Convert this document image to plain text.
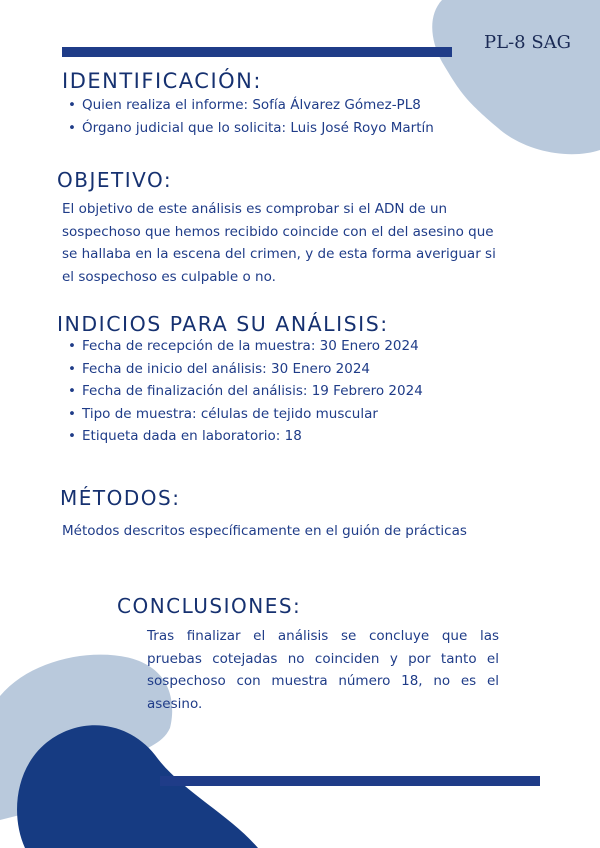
PL-8 SAG
IDENTIFICACIÓN:
• Quien realiza el informe: Sofía Álvarez Gómez-PL8
• Órgano judicial que lo solicita: Luis José Royo Martín
OBJETIVO:

El objetivo de este análisis es comprobar si el ADN de un sospechoso que hemos recibido coincide con el del asesino que se hallaba en la escena del crimen, y de esta forma averiguar si el sospechoso es culpable o no.

INDICIOS PARA SU ANÁLISIS:
• Fecha de recepción de la muestra: 30 Enero 2024
• Fecha de inicio del análisis: 30 Enero 2024
• Fecha de finalización del análisis: 19 Febrero 2024
• Tipo de muestra: células de tejido muscular
• Etiqueta dada en laboratorio: 18
MÉTODOS:

Métodos descritos específicamente en el guión de prácticas

CONCLUSIONES:

Tras finalizar el análisis se concluye que las pruebas cotejadas no coinciden y por tanto el sospechoso con muestra número 18, no es el asesino.
